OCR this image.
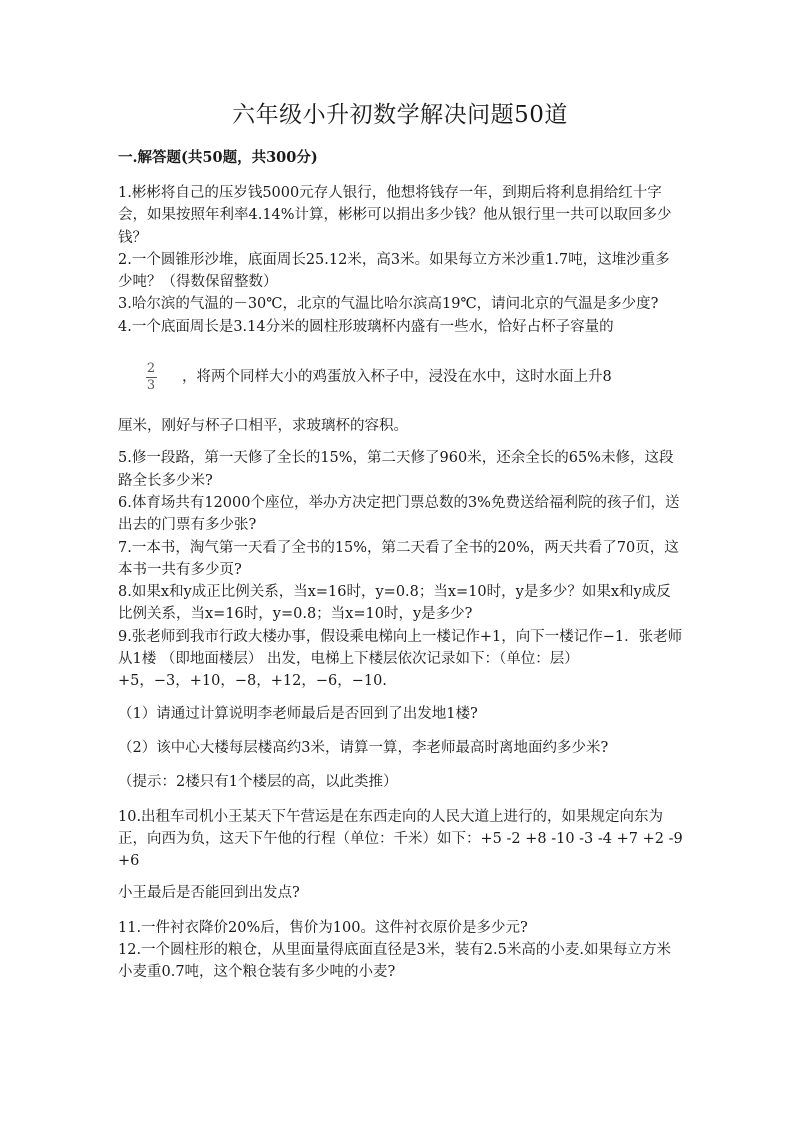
六年级小升初数学解决问题50道
一.解答题(共50题，共300分)

1.彬彬将自己的压岁钱5000元存人银行，他想将钱存一年，到期后将利息捐给红十字会，如果按照年利率4.14%计算，彬彬可以捐出多少钱？他从银行里一共可以取回多少钱？

2.一个圆锥形沙堆，底面周长25.12米，高3米。如果每立方米沙重1.7吨，这堆沙重多少吨？（得数保留整数）

3.哈尔滨的气温的－30℃，北京的气温比哈尔滨高19℃，请问北京的气温是多少度?

4.一个底面周长是3.14分米的圆柱形玻璃杯内盛有一些水，恰好占杯子容量的

$\frac{2}{3}$ ，将两个同样大小的鸡蛋放入杯子中，浸没在水中，这时水面上升8

厘米，刚好与杯子口相平，求玻璃杯的容积。

5.修一段路，第一天修了全长的15%，第二天修了960米，还余全长的65%未修，这段路全长多少米?

6.体育场共有12000个座位，举办方决定把门票总数的3%免费送给福利院的孩子们，送出去的门票有多少张?

7.一本书，淘气第一天看了全书的15%，第二天看了全书的20%，两天共看了70页，这本书一共有多少页?

8.如果x和y成正比例关系，当x=16时，y=0.8；当x=10时，y是多少？如果x和y成反比例关系，当x=16时，y=0.8；当x=10时，y是多少?

9.张老师到我市行政大楼办事，假设乘电梯向上一楼记作+1，向下一楼记作−1．张老师从1楼 （即地面楼层） 出发，电梯上下楼层依次记录如下：（单位：层）+5，−3，+10，−8，+12，−6，−10.

（1）请通过计算说明李老师最后是否回到了出发地1楼?

（2）该中心大楼每层楼高约3米，请算一算，李老师最高时离地面约多少米?

（提示：2楼只有1个楼层的高，以此类推）

10.出租车司机小王某天下午营运是在东西走向的人民大道上进行的，如果规定向东为正，向西为负，这天下午他的行程（单位：千米）如下：+5 -2 +8 -10 -3 -4 +7 +2 -9 +6

小王最后是否能回到出发点?

11.一件衬衣降价20%后，售价为100。这件衬衣原价是多少元?

12.一个圆柱形的粮仓，从里面量得底面直径是3米，装有2.5米高的小麦.如果每立方米小麦重0.7吨，这个粮仓装有多少吨的小麦?
